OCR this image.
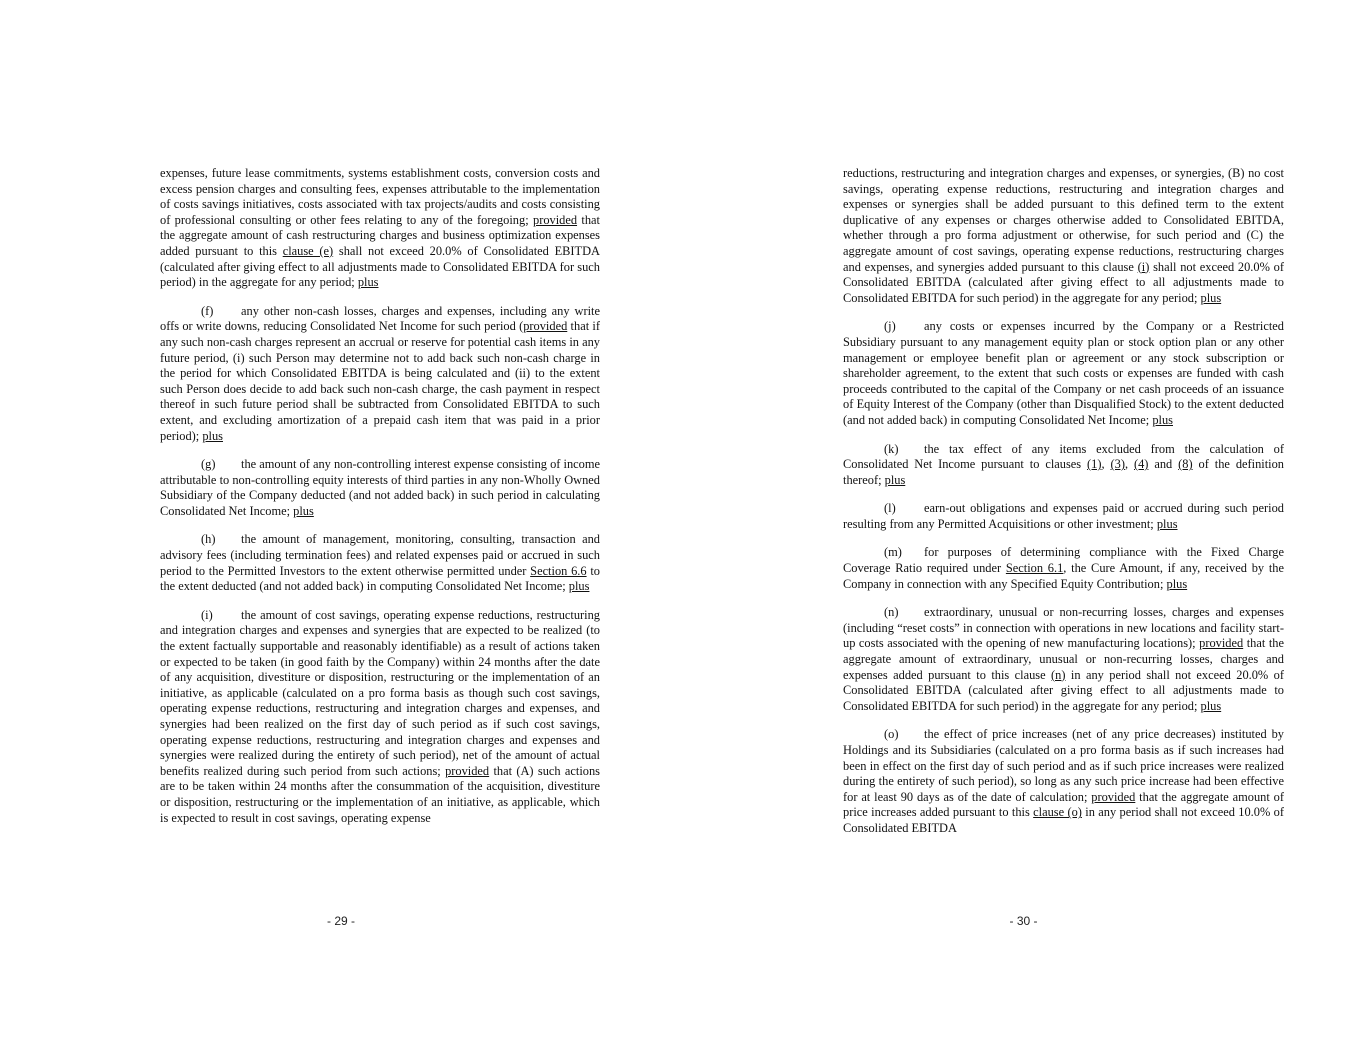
expenses, future lease commitments, systems establishment costs, conversion costs and excess pension charges and consulting fees, expenses attributable to the implementation of costs savings initiatives, costs associated with tax projects/audits and costs consisting of professional consulting or other fees relating to any of the foregoing; provided that the aggregate amount of cash restructuring charges and business optimization expenses added pursuant to this clause (e) shall not exceed 20.0% of Consolidated EBITDA (calculated after giving effect to all adjustments made to Consolidated EBITDA for such period) in the aggregate for any period; plus

(f) any other non-cash losses, charges and expenses, including any write offs or write downs, reducing Consolidated Net Income for such period (provided that if any such non-cash charges represent an accrual or reserve for potential cash items in any future period, (i) such Person may determine not to add back such non-cash charge in the period for which Consolidated EBITDA is being calculated and (ii) to the extent such Person does decide to add back such non-cash charge, the cash payment in respect thereof in such future period shall be subtracted from Consolidated EBITDA to such extent, and excluding amortization of a prepaid cash item that was paid in a prior period); plus

(g) the amount of any non-controlling interest expense consisting of income attributable to non-controlling equity interests of third parties in any non-Wholly Owned Subsidiary of the Company deducted (and not added back) in such period in calculating Consolidated Net Income; plus

(h) the amount of management, monitoring, consulting, transaction and advisory fees (including termination fees) and related expenses paid or accrued in such period to the Permitted Investors to the extent otherwise permitted under Section 6.6 to the extent deducted (and not added back) in computing Consolidated Net Income; plus

(i) the amount of cost savings, operating expense reductions, restructuring and integration charges and expenses and synergies that are expected to be realized (to the extent factually supportable and reasonably identifiable) as a result of actions taken or expected to be taken (in good faith by the Company) within 24 months after the date of any acquisition, divestiture or disposition, restructuring or the implementation of an initiative, as applicable (calculated on a pro forma basis as though such cost savings, operating expense reductions, restructuring and integration charges and expenses, and synergies had been realized on the first day of such period as if such cost savings, operating expense reductions, restructuring and integration charges and expenses and synergies were realized during the entirety of such period), net of the amount of actual benefits realized during such period from such actions; provided that (A) such actions are to be taken within 24 months after the consummation of the acquisition, divestiture or disposition, restructuring or the implementation of an initiative, as applicable, which is expected to result in cost savings, operating expense

- 29 -

reductions, restructuring and integration charges and expenses, or synergies, (B) no cost savings, operating expense reductions, restructuring and integration charges and expenses or synergies shall be added pursuant to this defined term to the extent duplicative of any expenses or charges otherwise added to Consolidated EBITDA, whether through a pro forma adjustment or otherwise, for such period and (C) the aggregate amount of cost savings, operating expense reductions, restructuring charges and expenses, and synergies added pursuant to this clause (i) shall not exceed 20.0% of Consolidated EBITDA (calculated after giving effect to all adjustments made to Consolidated EBITDA for such period) in the aggregate for any period; plus

(j) any costs or expenses incurred by the Company or a Restricted Subsidiary pursuant to any management equity plan or stock option plan or any other management or employee benefit plan or agreement or any stock subscription or shareholder agreement, to the extent that such costs or expenses are funded with cash proceeds contributed to the capital of the Company or net cash proceeds of an issuance of Equity Interest of the Company (other than Disqualified Stock) to the extent deducted (and not added back) in computing Consolidated Net Income; plus

(k) the tax effect of any items excluded from the calculation of Consolidated Net Income pursuant to clauses (1), (3), (4) and (8) of the definition thereof; plus

(l) earn-out obligations and expenses paid or accrued during such period resulting from any Permitted Acquisitions or other investment; plus

(m) for purposes of determining compliance with the Fixed Charge Coverage Ratio required under Section 6.1, the Cure Amount, if any, received by the Company in connection with any Specified Equity Contribution; plus

(n) extraordinary, unusual or non-recurring losses, charges and expenses (including “reset costs” in connection with operations in new locations and facility start-up costs associated with the opening of new manufacturing locations); provided that the aggregate amount of extraordinary, unusual or non-recurring losses, charges and expenses added pursuant to this clause (n) in any period shall not exceed 20.0% of Consolidated EBITDA (calculated after giving effect to all adjustments made to Consolidated EBITDA for such period) in the aggregate for any period; plus

(o) the effect of price increases (net of any price decreases) instituted by Holdings and its Subsidiaries (calculated on a pro forma basis as if such increases had been in effect on the first day of such period and as if such price increases were realized during the entirety of such period), so long as any such price increase had been effective for at least 90 days as of the date of calculation; provided that the aggregate amount of price increases added pursuant to this clause (o) in any period shall not exceed 10.0% of Consolidated EBITDA

- 30 -
